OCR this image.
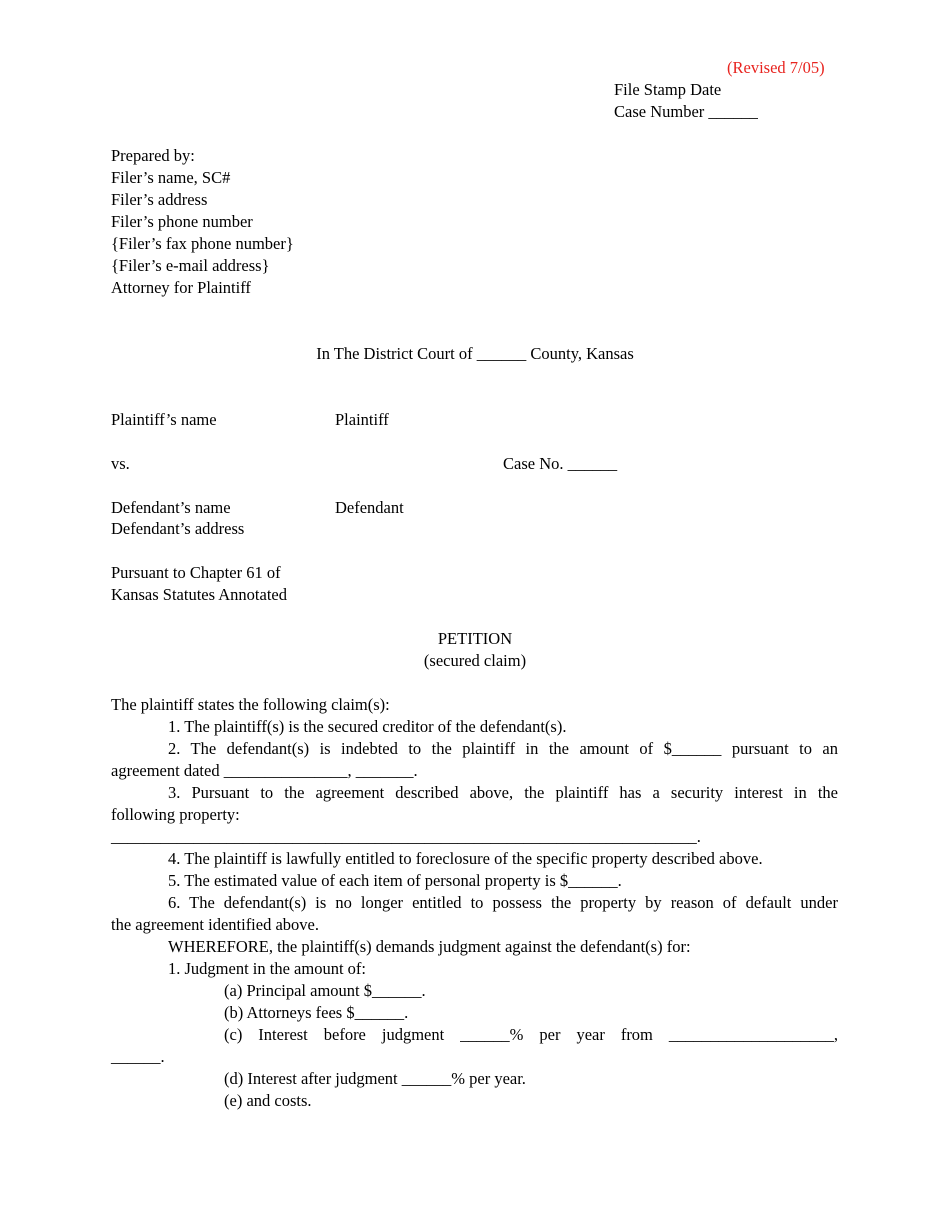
(Revised 7/05)
File Stamp Date
Case Number ______
Prepared by:
Filer’s name, SC#
Filer’s address
Filer’s phone number
{Filer’s fax phone number}
{Filer’s e-mail address}
Attorney for Plaintiff
In The District Court of ______ County, Kansas
Plaintiff’s name	Plaintiff
vs.	Case No. ______
Defendant’s name	Defendant
Defendant’s address
Pursuant to Chapter 61 of
Kansas Statutes Annotated
PETITION
(secured claim)
The plaintiff states the following claim(s):
1. The plaintiff(s) is the secured creditor of the defendant(s).
2. The defendant(s) is indebted to the plaintiff in the amount of $______ pursuant to an
agreement dated _______________, _______.
3. Pursuant to the agreement described above, the plaintiff has a security interest in the
following property:
_______________________________________________________________________.
4. The plaintiff is lawfully entitled to foreclosure of the specific property described above.
5. The estimated value of each item of personal property is $______.
6. The defendant(s) is no longer entitled to possess the property by reason of default under
the agreement identified above.
WHEREFORE, the plaintiff(s) demands judgment against the defendant(s) for:
1. Judgment in the amount of:
(a) Principal amount $______.
(b) Attorneys fees $______.
(c) Interest before judgment ______% per year from ____________________,
______.
(d) Interest after judgment ______% per year.
(e) and costs.
